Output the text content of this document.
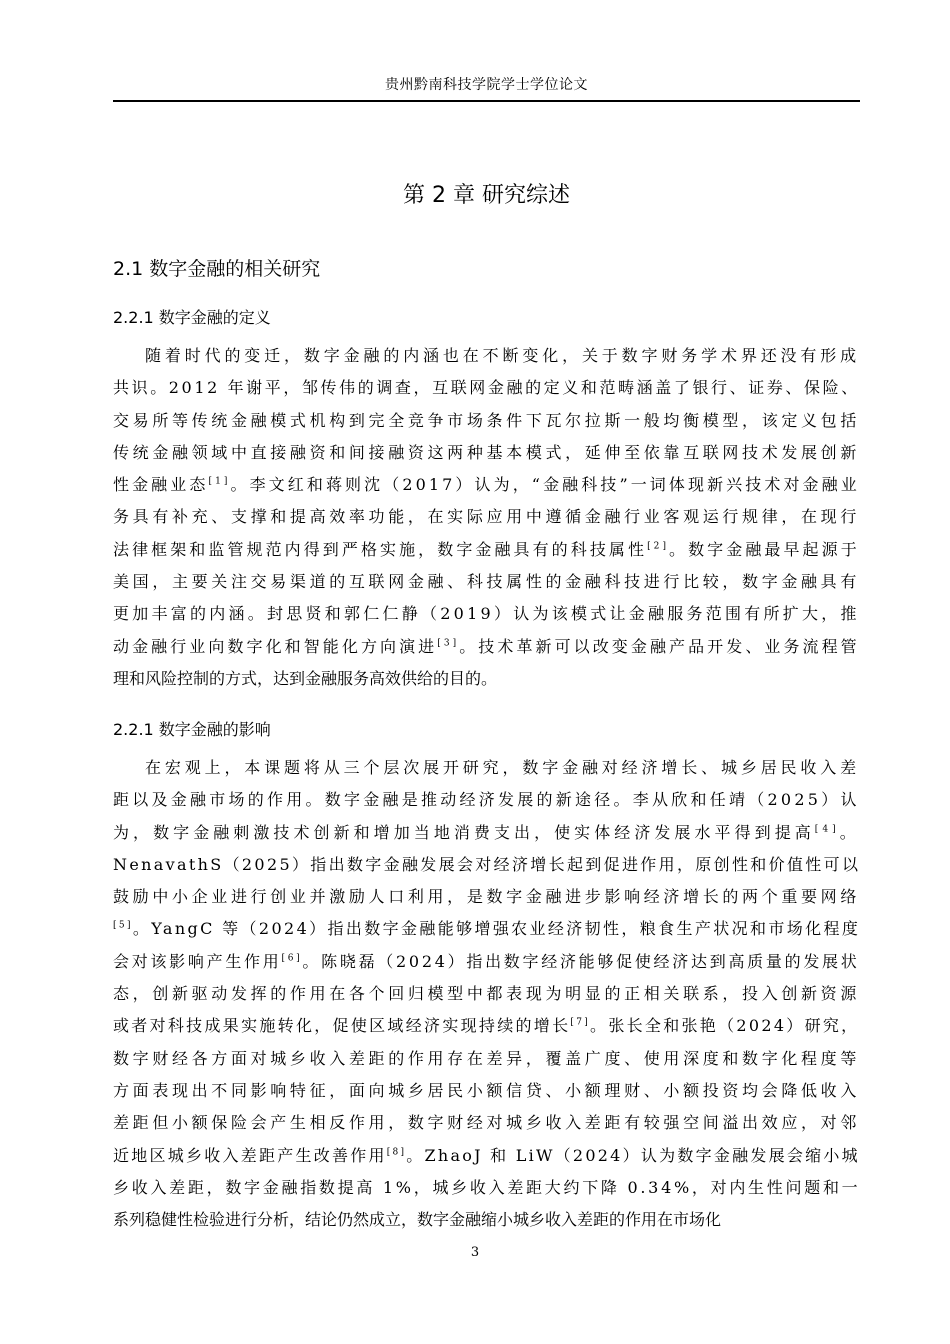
贵州黔南科技学院学士学位论文
第 2 章 研究综述
2.1 数字金融的相关研究
2.2.1 数字金融的定义
随着时代的变迁，数字金融的内涵也在不断变化，关于数字财务学术界还没有形成
共识。2012 年谢平，邹传伟的调查，互联网金融的定义和范畴涵盖了银行、证券、保险、
交易所等传统金融模式机构到完全竞争市场条件下瓦尔拉斯一般均衡模型，该定义包括
传统金融领域中直接融资和间接融资这两种基本模式，延伸至依靠互联网技术发展创新
性金融业态[1]。李文红和蒋则沈（2017）认为，“金融科技”一词体现新兴技术对金融业
务具有补充、支撑和提高效率功能，在实际应用中遵循金融行业客观运行规律，在现行
法律框架和监管规范内得到严格实施，数字金融具有的科技属性[2]。数字金融最早起源于
美国，主要关注交易渠道的互联网金融、科技属性的金融科技进行比较，数字金融具有
更加丰富的内涵。封思贤和郭仁仁静（2019）认为该模式让金融服务范围有所扩大，推
动金融行业向数字化和智能化方向演进[3]。技术革新可以改变金融产品开发、业务流程管
理和风险控制的方式，达到金融服务高效供给的目的。
2.2.1 数字金融的影响
在宏观上，本课题将从三个层次展开研究，数字金融对经济增长、城乡居民收入差
距以及金融市场的作用。数字金融是推动经济发展的新途径。李从欣和任靖（2025）认
为，数字金融刺激技术创新和增加当地消费支出，使实体经济发展水平得到提高[4]。
NenavathS（2025）指出数字金融发展会对经济增长起到促进作用，原创性和价值性可以
鼓励中小企业进行创业并激励人口利用，是数字金融进步影响经济增长的两个重要网络
[5]。YangC 等（2024）指出数字金融能够增强农业经济韧性，粮食生产状况和市场化程度
会对该影响产生作用[6]。陈晓磊（2024）指出数字经济能够促使经济达到高质量的发展状
态，创新驱动发挥的作用在各个回归模型中都表现为明显的正相关联系，投入创新资源
或者对科技成果实施转化，促使区域经济实现持续的增长[7]。张长全和张艳（2024）研究，
数字财经各方面对城乡收入差距的作用存在差异，覆盖广度、使用深度和数字化程度等
方面表现出不同影响特征，面向城乡居民小额信贷、小额理财、小额投资均会降低收入
差距但小额保险会产生相反作用，数字财经对城乡收入差距有较强空间溢出效应，对邻
近地区城乡收入差距产生改善作用[8]。ZhaoJ 和 LiW（2024）认为数字金融发展会缩小城
乡收入差距，数字金融指数提高 1%，城乡收入差距大约下降 0.34%，对内生性问题和一
系列稳健性检验进行分析，结论仍然成立，数字金融缩小城乡收入差距的作用在市场化
3
